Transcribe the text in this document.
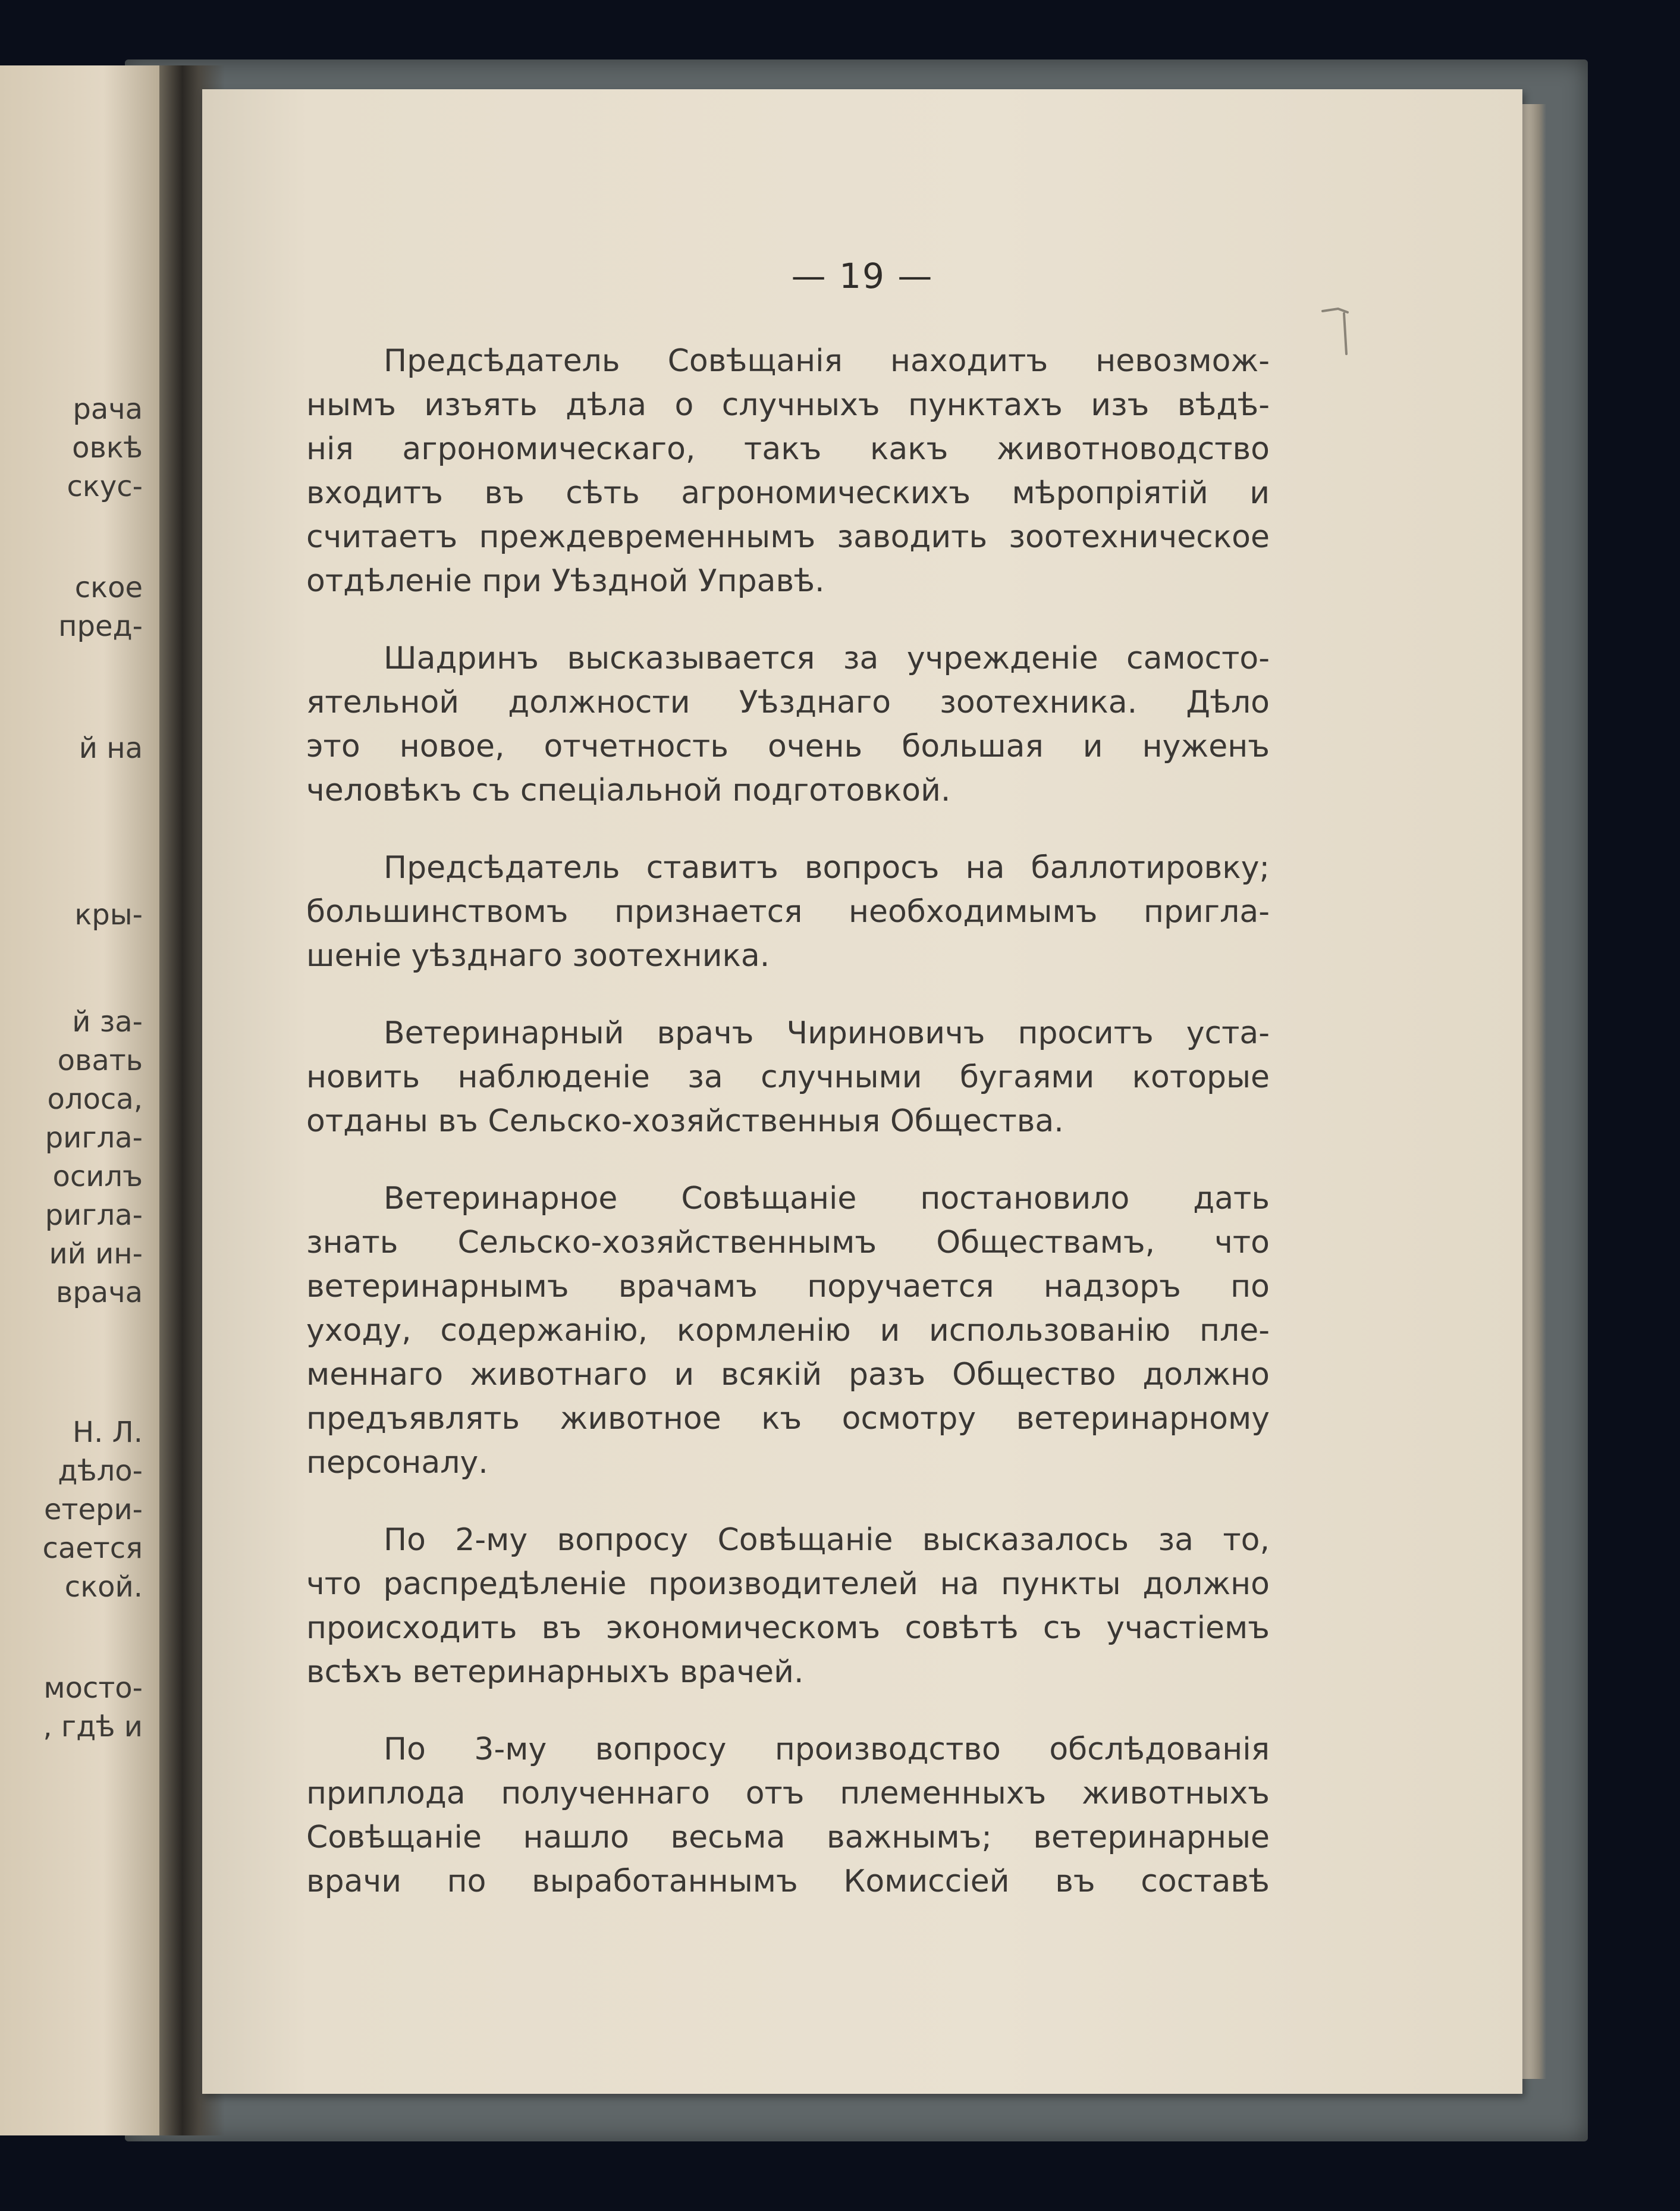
рача
овкѣ
скус-
ское
пред-
й на
кры-
й за-
овать
олоса,
ригла-
осилъ
ригла-
ий ин-
врача
Н. Л.
дѣло-
етери-
сается
ской.
мосто-
, гдѣ и
— 19 —
Предсѣдатель Совѣщанія находитъ невозмож-
нымъ изъять дѣла о случныхъ пунктахъ изъ вѣдѣ-
нія агрономическаго, такъ какъ животноводство
входитъ въ сѣть агрономическихъ мѣропріятій и
считаетъ преждевременнымъ заводить зоотехническое
отдѣленіе при Уѣздной Управѣ.
Шадринъ высказывается за учрежденіе самосто-
ятельной должности Уѣзднаго зоотехника. Дѣло
это новое, отчетность очень большая и нуженъ
человѣкъ съ спеціальной подготовкой.
Предсѣдатель ставитъ вопросъ на баллотировку;
большинствомъ признается необходимымъ пригла-
шеніе уѣзднаго зоотехника.
Ветеринарный врачъ Чириновичъ проситъ уста-
новить наблюденіе за случными бугаями которые
отданы въ Сельско-хозяйственныя Общества.
Ветеринарное Совѣщаніе постановило дать
знать Сельско-хозяйственнымъ Обществамъ, что
ветеринарнымъ врачамъ поручается надзоръ по
уходу, содержанію, кормленію и использованію пле-
меннаго животнаго и всякій разъ Общество должно
предъявлять животное къ осмотру ветеринарному
персоналу.
По 2-му вопросу Совѣщаніе высказалось за то,
что распредѣленіе производителей на пункты должно
происходить въ экономическомъ совѣтѣ съ участіемъ
всѣхъ ветеринарныхъ врачей.
По 3-му вопросу производство обслѣдованія
приплода полученнаго отъ племенныхъ животныхъ
Совѣщаніе нашло весьма важнымъ; ветеринарные
врачи по выработаннымъ Комиссіей въ составѣ
